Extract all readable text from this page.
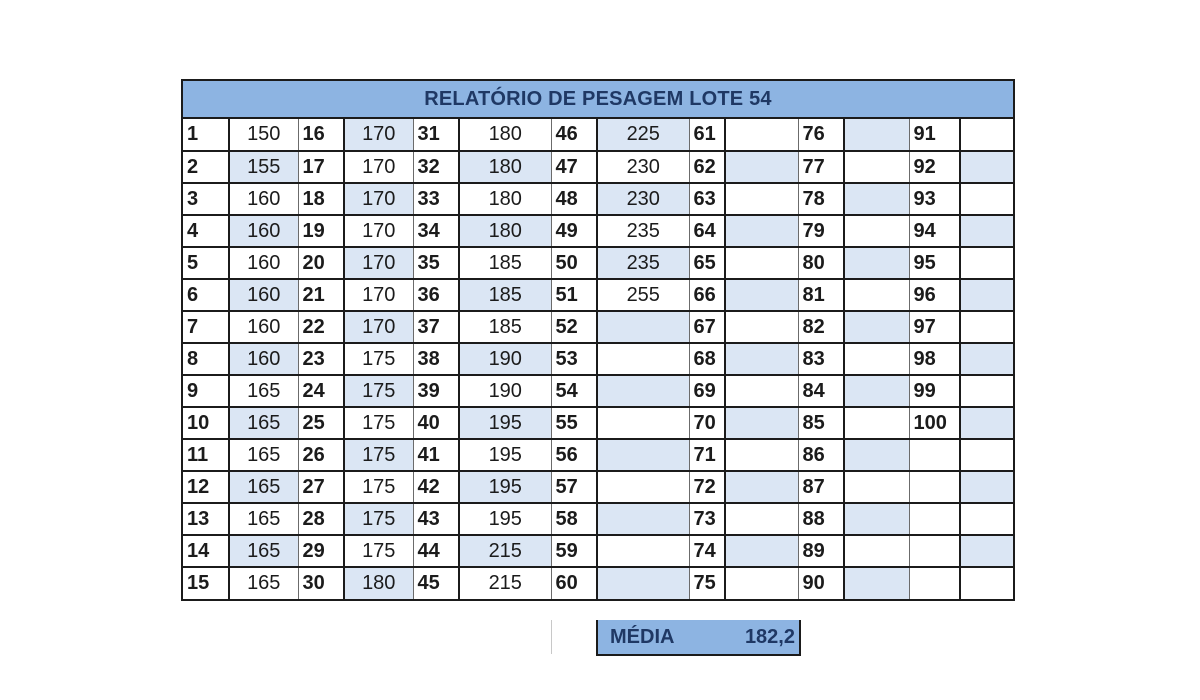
RELATÓRIO DE PESAGEM LOTE 54
1	150	16	170	31	180	46	225	61		76		91	
2	155	17	170	32	180	47	230	62		77		92	
3	160	18	170	33	180	48	230	63		78		93	
4	160	19	170	34	180	49	235	64		79		94	
5	160	20	170	35	185	50	235	65		80		95	
6	160	21	170	36	185	51	255	66		81		96	
7	160	22	170	37	185	52		67		82		97	
8	160	23	175	38	190	53		68		83		98	
9	165	24	175	39	190	54		69		84		99	
10	165	25	175	40	195	55		70		85		100	
11	165	26	175	41	195	56		71		86			
12	165	27	175	42	195	57		72		87			
13	165	28	175	43	195	58		73		88			
14	165	29	175	44	215	59		74		89			
15	165	30	180	45	215	60		75		90			
MÉDIA	182,2
